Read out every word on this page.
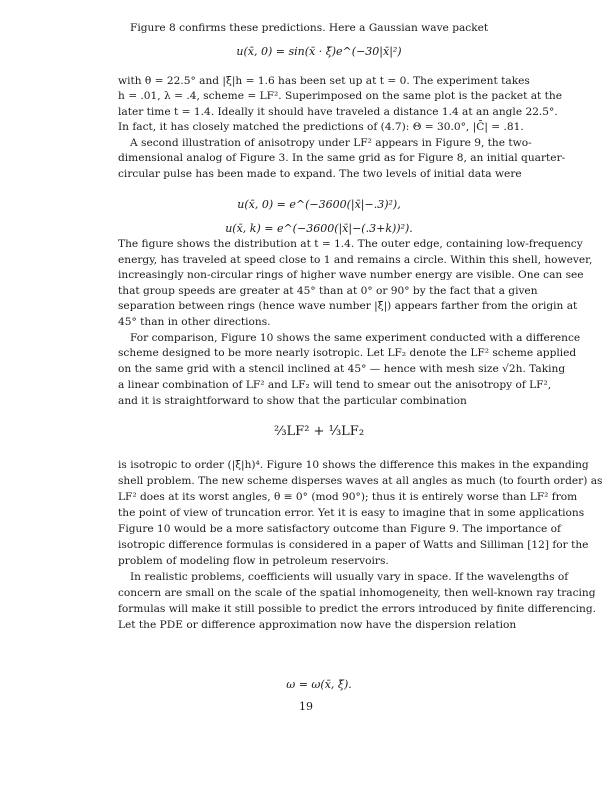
Figure 8 confirms these predictions. Here a Gaussian wave packet
u(x̄, 0) = sin(x̄ · ξ̄)e^(−30|x̄|²)
with θ = 22.5° and |ξ̄|h = 1.6 has been set up at t = 0. The experiment takes
h = .01, λ = .4, scheme = LF². Superimposed on the same plot is the packet at the
later time t = 1.4. Ideally it should have traveled a distance 1.4 at an angle 22.5°.
In fact, it has closely matched the predictions of (4.7): Θ = 30.0°, |C̄| = .81.
A second illustration of anisotropy under LF² appears in Figure 9, the two-
dimensional analog of Figure 3. In the same grid as for Figure 8, an initial quarter-
circular pulse has been made to expand. The two levels of initial data were
u(x̄, 0) = e^(−3600(|x̄|−.3)²),
u(x̄, k) = e^(−3600(|x̄|−(.3+k))²).
The figure shows the distribution at t = 1.4. The outer edge, containing low-frequency
energy, has traveled at speed close to 1 and remains a circle. Within this shell, however,
increasingly non-circular rings of higher wave number energy are visible. One can see
that group speeds are greater at 45° than at 0° or 90° by the fact that a given
separation between rings (hence wave number |ξ̄|) appears farther from the origin at
45° than in other directions.
For comparison, Figure 10 shows the same experiment conducted with a difference
scheme designed to be more nearly isotropic. Let LF₂ denote the LF² scheme applied
on the same grid with a stencil inclined at 45° — hence with mesh size √2h. Taking
a linear combination of LF² and LF₂ will tend to smear out the anisotropy of LF²,
and it is straightforward to show that the particular combination
⅔LF² + ⅓LF₂
is isotropic to order (|ξ̄|h)⁴. Figure 10 shows the difference this makes in the expanding
shell problem. The new scheme disperses waves at all angles as much (to fourth order) as
LF² does at its worst angles, θ ≡ 0° (mod 90°); thus it is entirely worse than LF² from
the point of view of truncation error. Yet it is easy to imagine that in some applications
Figure 10 would be a more satisfactory outcome than Figure 9. The importance of
isotropic difference formulas is considered in a paper of Watts and Silliman [12] for the
problem of modeling flow in petroleum reservoirs.
In realistic problems, coefficients will usually vary in space. If the wavelengths of
concern are small on the scale of the spatial inhomogeneity, then well-known ray tracing
formulas will make it still possible to predict the errors introduced by finite differencing.
Let the PDE or difference approximation now have the dispersion relation
ω = ω(x̄, ξ̄).
19
